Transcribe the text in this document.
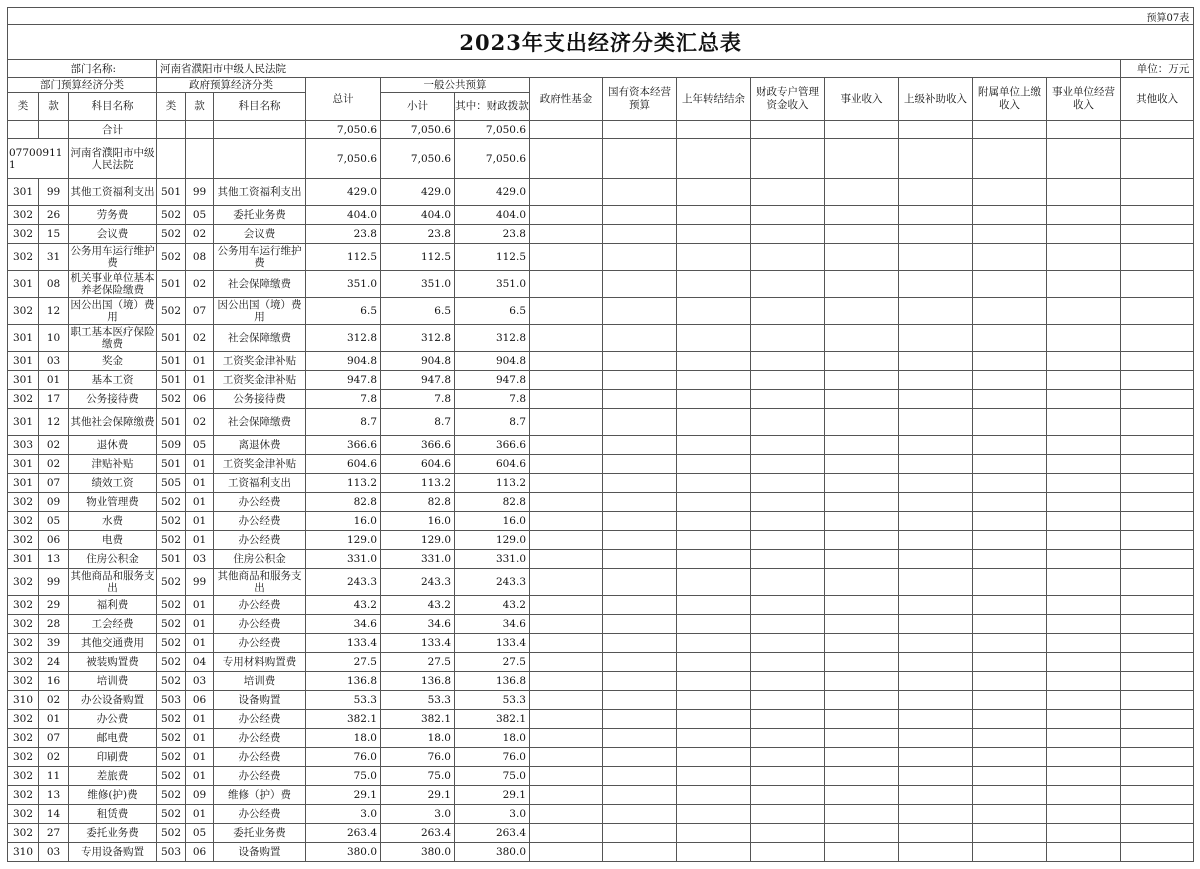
预算07表																	
2023年支出经济分类汇总表																	
部门名称:			河南省濮阳市中级人民法院														单位：万元
部门预算经济分类			政府预算经济分类			总计	一般公共预算		政府性基金	国有资本经营预算	上年转结结余	财政专户管理资金收入	事业收入	上级补助收入	附属单位上缴收入	事业单位经营收入	其他收入
类	款	科目名称	类	款	科目名称		小计	其中：财政拨款									
		合计				7,050.6	7,050.6	7,050.6									
07700911 1		河南省濮阳市中级人民法院				7,050.6	7,050.6	7,050.6									
301	99	其他工资福利支出	501	99	其他工资福利支出	429.0	429.0	429.0									
302	26	劳务费	502	05	委托业务费	404.0	404.0	404.0									
302	15	会议费	502	02	会议费	23.8	23.8	23.8									
302	31	公务用车运行维护费	502	08	公务用车运行维护费	112.5	112.5	112.5									
301	08	机关事业单位基本养老保险缴费	501	02	社会保障缴费	351.0	351.0	351.0									
302	12	因公出国（境）费用	502	07	因公出国（境）费用	6.5	6.5	6.5									
301	10	职工基本医疗保险缴费	501	02	社会保障缴费	312.8	312.8	312.8									
301	03	奖金	501	01	工资奖金津补贴	904.8	904.8	904.8									
301	01	基本工资	501	01	工资奖金津补贴	947.8	947.8	947.8									
302	17	公务接待费	502	06	公务接待费	7.8	7.8	7.8									
301	12	其他社会保障缴费	501	02	社会保障缴费	8.7	8.7	8.7									
303	02	退休费	509	05	离退休费	366.6	366.6	366.6									
301	02	津贴补贴	501	01	工资奖金津补贴	604.6	604.6	604.6									
301	07	绩效工资	505	01	工资福利支出	113.2	113.2	113.2									
302	09	物业管理费	502	01	办公经费	82.8	82.8	82.8									
302	05	水费	502	01	办公经费	16.0	16.0	16.0									
302	06	电费	502	01	办公经费	129.0	129.0	129.0									
301	13	住房公积金	501	03	住房公积金	331.0	331.0	331.0									
302	99	其他商品和服务支出	502	99	其他商品和服务支出	243.3	243.3	243.3									
302	29	福利费	502	01	办公经费	43.2	43.2	43.2									
302	28	工会经费	502	01	办公经费	34.6	34.6	34.6									
302	39	其他交通费用	502	01	办公经费	133.4	133.4	133.4									
302	24	被装购置费	502	04	专用材料购置费	27.5	27.5	27.5									
302	16	培训费	502	03	培训费	136.8	136.8	136.8									
310	02	办公设备购置	503	06	设备购置	53.3	53.3	53.3									
302	01	办公费	502	01	办公经费	382.1	382.1	382.1									
302	07	邮电费	502	01	办公经费	18.0	18.0	18.0									
302	02	印刷费	502	01	办公经费	76.0	76.0	76.0									
302	11	差旅费	502	01	办公经费	75.0	75.0	75.0									
302	13	维修(护)费	502	09	维修（护）费	29.1	29.1	29.1									
302	14	租赁费	502	01	办公经费	3.0	3.0	3.0									
302	27	委托业务费	502	05	委托业务费	263.4	263.4	263.4									
310	03	专用设备购置	503	06	设备购置	380.0	380.0	380.0									
